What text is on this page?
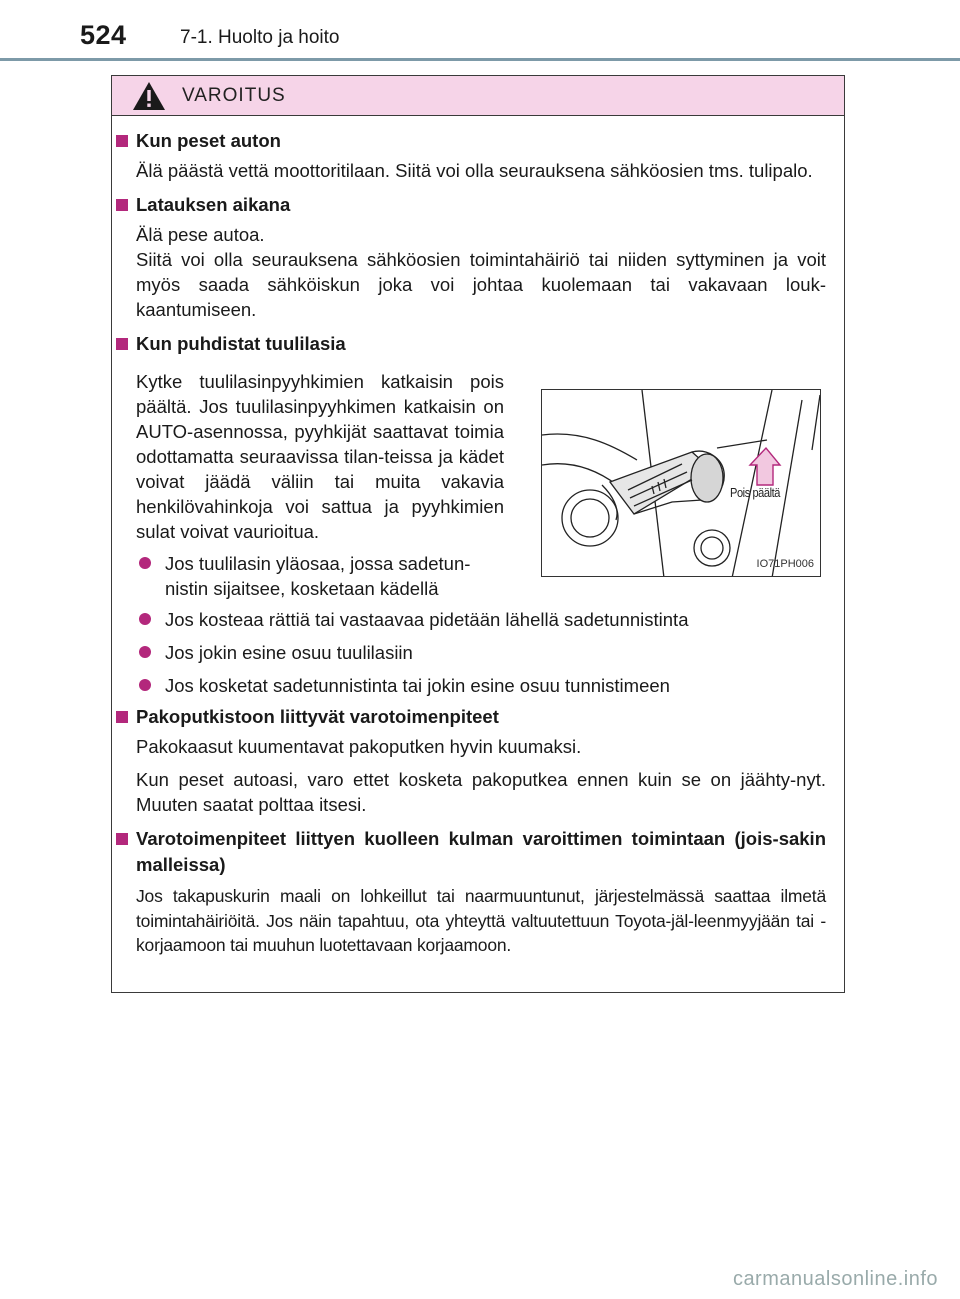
524	7-1. Huolto ja hoito
VAROITUS
Kun peset auton
Älä päästä vettä moottoritilaan. Siitä voi olla seurauksena sähköosien tms. tulipalo.
Latauksen aikana
Älä pese autoa.
Siitä voi olla seurauksena sähköosien toimintahäiriö tai niiden syttyminen ja voit myös saada sähköiskun joka voi johtaa kuolemaan tai vakavaan louk-kaantumiseen.
Kun puhdistat tuulilasia
Kytke tuulilasinpyyhkimien katkaisin pois päältä. Jos tuulilasinpyyhkimen katkaisin on AUTO-asennossa, pyyhkijät saattavat toimia odottamatta seuraavissa tilan-teissa ja kädet voivat jäädä väliin tai muita vakavia henkilövahinkoja voi sattua ja pyyhkimien sulat voivat vaurioitua.
Jos tuulilasin yläosaa, jossa sadetun-nistin sijaitsee, kosketaan kädellä
Jos kosteaa rättiä tai vastaavaa pidetään lähellä sadetunnistinta
Jos jokin esine osuu tuulilasiin
Jos kosketat sadetunnistinta tai jokin esine osuu tunnistimeen
Pakoputkistoon liittyvät varotoimenpiteet
Pakokaasut kuumentavat pakoputken hyvin kuumaksi.
Kun peset autoasi, varo ettet kosketa pakoputkea ennen kuin se on jäähty-nyt. Muuten saatat polttaa itsesi.
Varotoimenpiteet liittyen kuolleen kulman varoittimen toimintaan (jois-sakin malleissa)
Jos takapuskurin maali on lohkeillut tai naarmuuntunut, järjestelmässä saattaa ilmetä toimintahäiriöitä. Jos näin tapahtuu, ota yhteyttä valtuutettuun Toyota-jäl-leenmyyjään tai -korjaamoon tai muuhun luotettavaan korjaamoon.
Pois päältä
IO71PH006
carmanualsonline.info
